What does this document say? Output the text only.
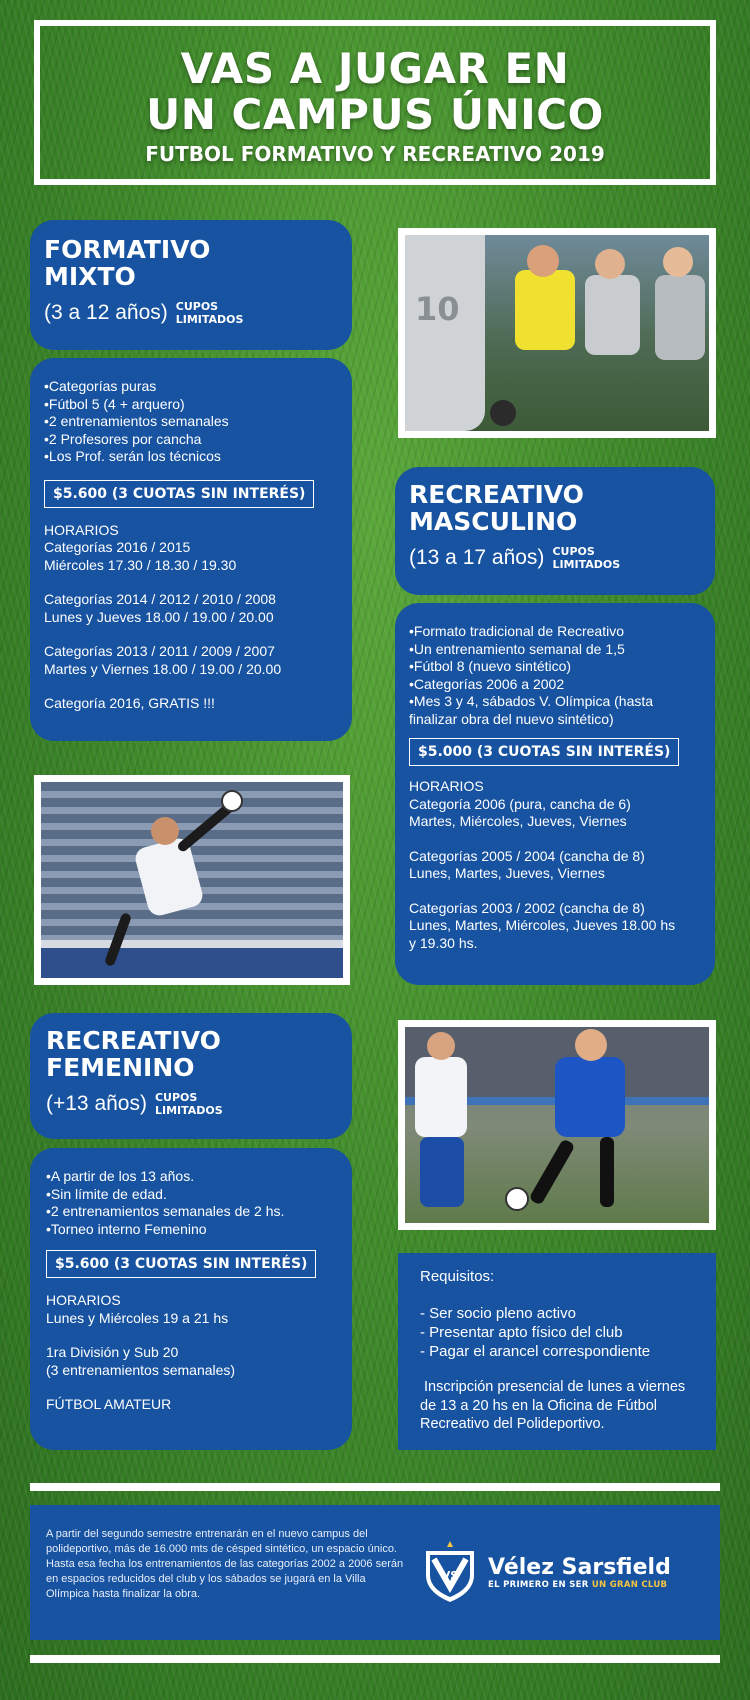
VAS A JUGAR EN
UN CAMPUS ÚNICO
FUTBOL FORMATIVO Y RECREATIVO 2019
FORMATIVO
MIXTO
(3 a 12 años) CUPOS
LIMITADOS
•Categorías puras
•Fútbol 5 (4 + arquero)
•2 entrenamientos semanales
•2 Profesores por cancha
•Los Prof. serán los técnicos
$5.600 (3 CUOTAS SIN INTERÉS)
HORARIOS
Categorías 2016 / 2015
Miércoles 17.30 / 18.30 / 19.30
Categorías 2014 / 2012 / 2010 / 2008
Lunes y Jueves 18.00 / 19.00 / 20.00
Categorías 2013 / 2011 / 2009 / 2007
Martes y Viernes 18.00 / 19.00 / 20.00
Categoría 2016, GRATIS !!!
10
RECREATIVO
MASCULINO
(13 a 17 años) CUPOS
LIMITADOS
•Formato tradicional de Recreativo
•Un entrenamiento semanal de 1,5
•Fútbol 8 (nuevo sintético)
•Categorías 2006 a 2002
•Mes 3 y 4, sábados V. Olímpica (hasta
finalizar obra del nuevo sintético)
$5.000 (3 CUOTAS SIN INTERÉS)
HORARIOS
Categoría 2006 (pura, cancha de 6)
Martes, Miércoles, Jueves, Viernes
Categorías 2005 / 2004 (cancha de 8)
Lunes, Martes, Jueves, Viernes
Categorías 2003 / 2002 (cancha de 8)
Lunes, Martes, Miércoles, Jueves 18.00 hs
y 19.30 hs.
RECREATIVO
FEMENINO
(+13 años) CUPOS
LIMITADOS
•A partir de los 13 años.
•Sin límite de edad.
•2 entrenamientos semanales de 2 hs.
•Torneo interno Femenino
$5.600 (3 CUOTAS SIN INTERÉS)
HORARIOS
Lunes y Miércoles 19 a 21 hs
1ra División y Sub 20
(3 entrenamientos semanales)
FÚTBOL AMATEUR
Requisitos:
- Ser socio pleno activo
- Presentar apto físico del club
- Pagar el arancel correspondiente
Inscripción presencial de lunes a viernes de 13 a 20 hs en la Oficina de Fútbol Recreativo del Polideportivo.
A partir del segundo semestre entrenarán en el nuevo campus del polideportivo, más de 16.000 mts de césped sintético, un espacio único. Hasta esa fecha los entrenamientos de las categorías 2002 a 2006 serán en espacios reducidos del club y los sábados se jugará en la Villa Olímpica hasta finalizar la obra.
VS Vélez Sarsfield
EL PRIMERO EN SER UN GRAN CLUB
